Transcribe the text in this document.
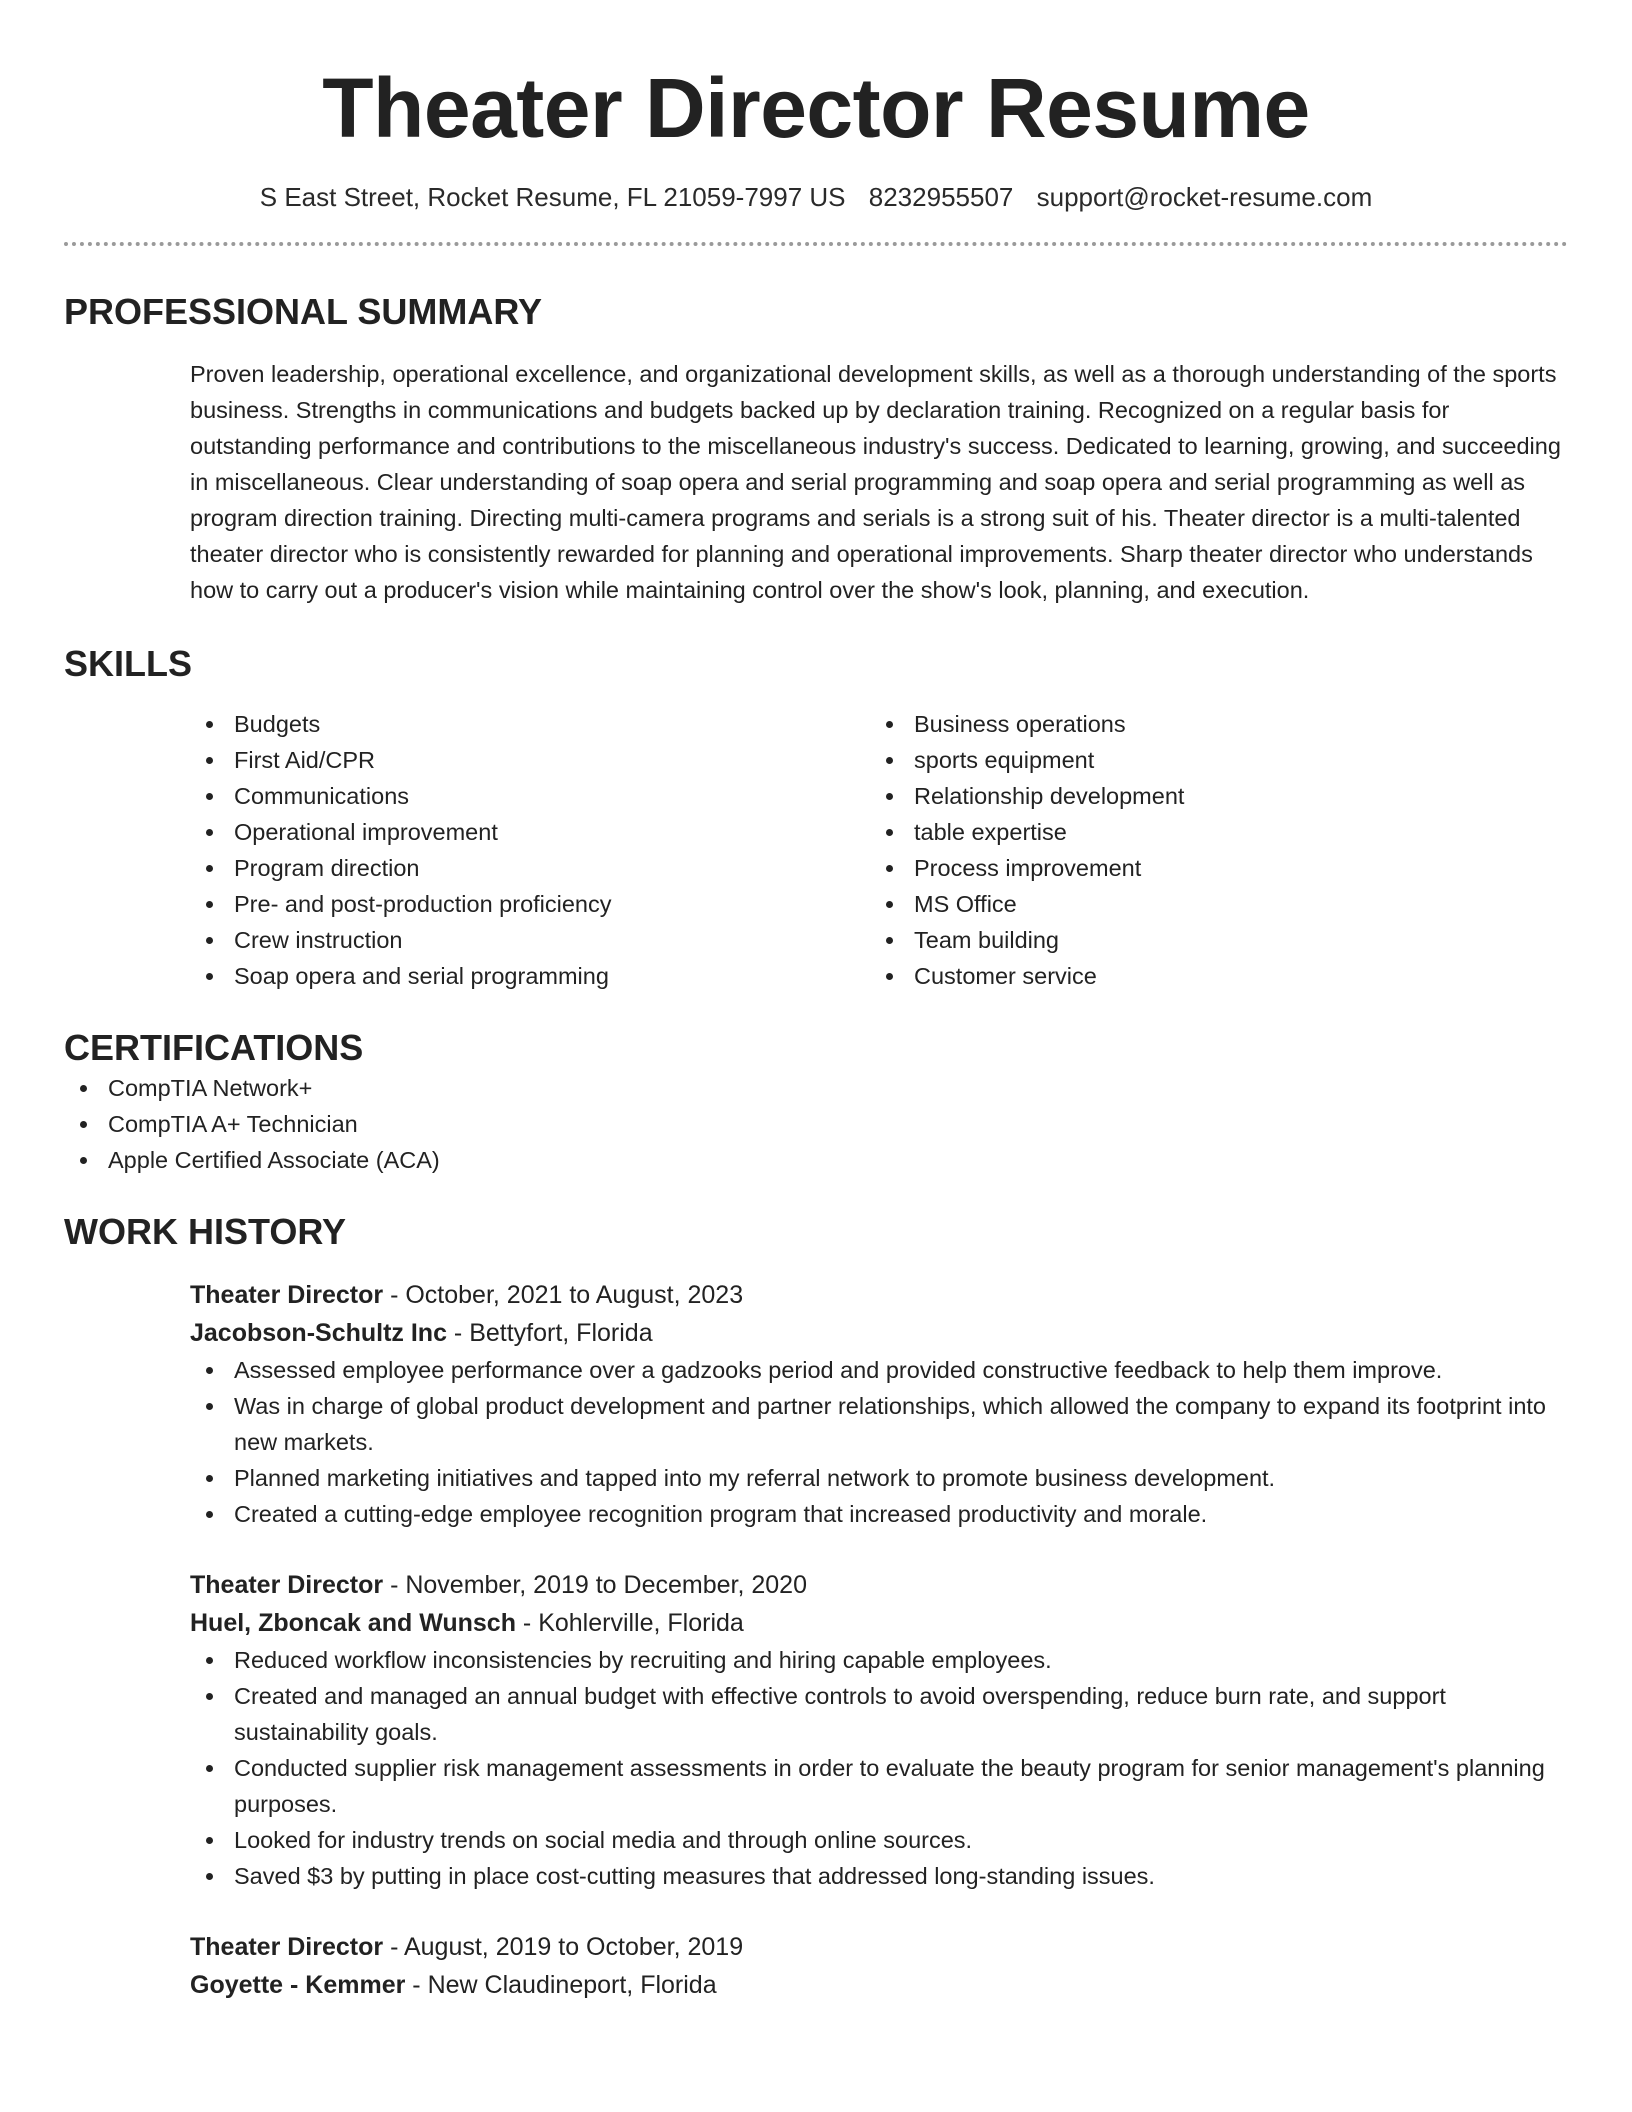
Theater Director Resume
S East Street, Rocket Resume, FL 21059-7997 US 8232955507 support@rocket-resume.com
PROFESSIONAL SUMMARY

Proven leadership, operational excellence, and organizational development skills, as well as a thorough understanding of the sports business. Strengths in communications and budgets backed up by declaration training. Recognized on a regular basis for outstanding performance and contributions to the miscellaneous industry's success. Dedicated to learning, growing, and succeeding in miscellaneous. Clear understanding of soap opera and serial programming and soap opera and serial programming as well as program direction training. Directing multi-camera programs and serials is a strong suit of his. Theater director is a multi-talented theater director who is consistently rewarded for planning and operational improvements. Sharp theater director who understands how to carry out a producer's vision while maintaining control over the show's look, planning, and execution.

SKILLS
Budgets
First Aid/CPR
Communications
Operational improvement
Program direction
Pre- and post-production proficiency
Crew instruction
Soap opera and serial programming
Business operations
sports equipment
Relationship development
table expertise
Process improvement
MS Office
Team building
Customer service
CERTIFICATIONS
CompTIA Network+
CompTIA A+ Technician
Apple Certified Associate (ACA)
WORK HISTORY
Theater Director - October, 2021 to August, 2023
Jacobson-Schultz Inc - Bettyfort, Florida
Assessed employee performance over a gadzooks period and provided constructive feedback to help them improve.
Was in charge of global product development and partner relationships, which allowed the company to expand its footprint into new markets.
Planned marketing initiatives and tapped into my referral network to promote business development.
Created a cutting-edge employee recognition program that increased productivity and morale.
Theater Director - November, 2019 to December, 2020
Huel, Zboncak and Wunsch - Kohlerville, Florida
Reduced workflow inconsistencies by recruiting and hiring capable employees.
Created and managed an annual budget with effective controls to avoid overspending, reduce burn rate, and support sustainability goals.
Conducted supplier risk management assessments in order to evaluate the beauty program for senior management's planning purposes.
Looked for industry trends on social media and through online sources.
Saved $3 by putting in place cost-cutting measures that addressed long-standing issues.
Theater Director - August, 2019 to October, 2019
Goyette - Kemmer - New Claudineport, Florida
